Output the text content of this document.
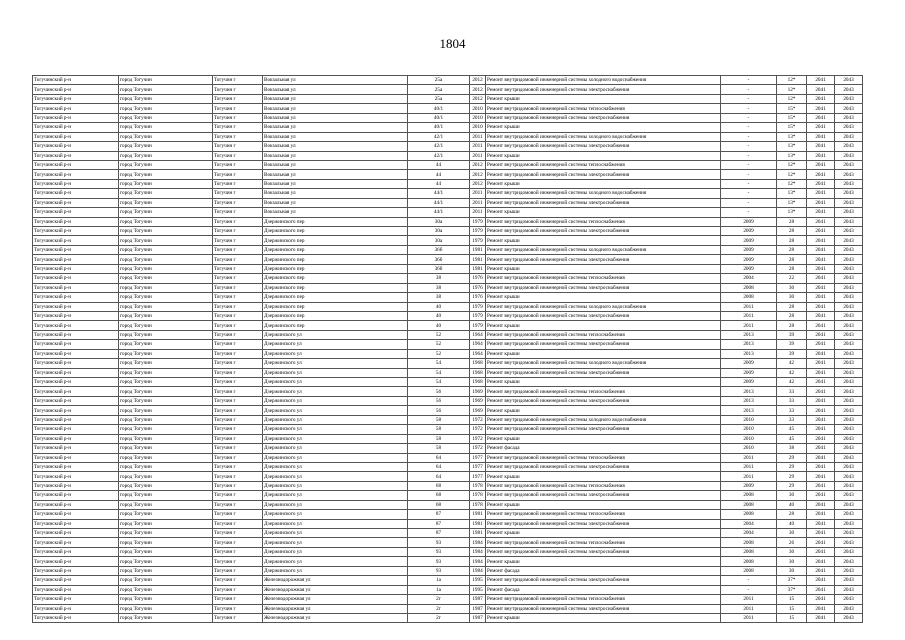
1804
Тогучинский р-н	город Тогучин	Тогучин г	Вокзальная ул	25а	2012	Ремонт внутридомовой инженерной системы холодного водоснабжения	-	12*	2041	2043
Тогучинский р-н	город Тогучин	Тогучин г	Вокзальная ул	25а	2012	Ремонт внутридомовой инженерной системы электроснабжения	-	12*	2041	2043
Тогучинский р-н	город Тогучин	Тогучин г	Вокзальная ул	25а	2012	Ремонт крыши	-	12*	2041	2043
Тогучинский р-н	город Тогучин	Тогучин г	Вокзальная ул	40/1	2010	Ремонт внутридомовой инженерной системы теплоснабжения	-	15*	2041	2043
Тогучинский р-н	город Тогучин	Тогучин г	Вокзальная ул	40/1	2010	Ремонт внутридомовой инженерной системы электроснабжения	-	15*	2041	2043
Тогучинский р-н	город Тогучин	Тогучин г	Вокзальная ул	40/1	2010	Ремонт крыши	-	15*	2041	2043
Тогучинский р-н	город Тогучин	Тогучин г	Вокзальная ул	42/1	2011	Ремонт внутридомовой инженерной системы холодного водоснабжения	-	13*	2041	2043
Тогучинский р-н	город Тогучин	Тогучин г	Вокзальная ул	42/1	2011	Ремонт внутридомовой инженерной системы электроснабжения	-	13*	2041	2043
Тогучинский р-н	город Тогучин	Тогучин г	Вокзальная ул	42/1	2011	Ремонт крыши	-	13*	2041	2043
Тогучинский р-н	город Тогучин	Тогучин г	Вокзальная ул	44	2012	Ремонт внутридомовой инженерной системы теплоснабжения	-	12*	2041	2043
Тогучинский р-н	город Тогучин	Тогучин г	Вокзальная ул	44	2012	Ремонт внутридомовой инженерной системы электроснабжения	-	12*	2041	2043
Тогучинский р-н	город Тогучин	Тогучин г	Вокзальная ул	44	2012	Ремонт крыши	-	12*	2041	2043
Тогучинский р-н	город Тогучин	Тогучин г	Вокзальная ул	44/1	2011	Ремонт внутридомовой инженерной системы холодного водоснабжения	-	13*	2041	2043
Тогучинский р-н	город Тогучин	Тогучин г	Вокзальная ул	44/1	2011	Ремонт внутридомовой инженерной системы электроснабжения	-	13*	2041	2043
Тогучинский р-н	город Тогучин	Тогучин г	Вокзальная ул	44/1	2011	Ремонт крыши	-	13*	2041	2043
Тогучинский р-н	город Тогучин	Тогучин г	Дзержинского пер	30а	1979	Ремонт внутридомовой инженерной системы теплоснабжения	2009	28	2041	2043
Тогучинский р-н	город Тогучин	Тогучин г	Дзержинского пер	30а	1979	Ремонт внутридомовой инженерной системы электроснабжения	2009	28	2041	2043
Тогучинский р-н	город Тогучин	Тогучин г	Дзержинского пер	30а	1979	Ремонт крыши	2009	28	2041	2043
Тогучинский р-н	город Тогучин	Тогучин г	Дзержинского пер	36б	1981	Ремонт внутридомовой инженерной системы холодного водоснабжения	2009	28	2041	2043
Тогучинский р-н	город Тогучин	Тогучин г	Дзержинского пер	36б	1981	Ремонт внутридомовой инженерной системы электроснабжения	2009	28	2041	2043
Тогучинский р-н	город Тогучин	Тогучин г	Дзержинского пер	36б	1981	Ремонт крыши	2009	28	2041	2043
Тогучинский р-н	город Тогучин	Тогучин г	Дзержинского пер	38	1976	Ремонт внутридомовой инженерной системы теплоснабжения	2004	22	2041	2043
Тогучинский р-н	город Тогучин	Тогучин г	Дзержинского пер	38	1976	Ремонт внутридомовой инженерной системы электроснабжения	2008	30	2041	2043
Тогучинский р-н	город Тогучин	Тогучин г	Дзержинского пер	38	1976	Ремонт крыши	2008	30	2041	2043
Тогучинский р-н	город Тогучин	Тогучин г	Дзержинского пер	40	1979	Ремонт внутридомовой инженерной системы холодного водоснабжения	2011	28	2041	2043
Тогучинский р-н	город Тогучин	Тогучин г	Дзержинского пер	40	1979	Ремонт внутридомовой инженерной системы электроснабжения	2011	28	2041	2043
Тогучинский р-н	город Тогучин	Тогучин г	Дзержинского пер	40	1979	Ремонт крыши	2011	28	2041	2043
Тогучинский р-н	город Тогучин	Тогучин г	Дзержинского ул	52	1964	Ремонт внутридомовой инженерной системы теплоснабжения	2013	39	2041	2043
Тогучинский р-н	город Тогучин	Тогучин г	Дзержинского ул	52	1964	Ремонт внутридомовой инженерной системы электроснабжения	2013	39	2041	2043
Тогучинский р-н	город Тогучин	Тогучин г	Дзержинского ул	52	1964	Ремонт крыши	2013	39	2041	2043
Тогучинский р-н	город Тогучин	Тогучин г	Дзержинского ул	54	1968	Ремонт внутридомовой инженерной системы холодного водоснабжения	2009	42	2041	2043
Тогучинский р-н	город Тогучин	Тогучин г	Дзержинского ул	54	1968	Ремонт внутридомовой инженерной системы электроснабжения	2009	42	2041	2043
Тогучинский р-н	город Тогучин	Тогучин г	Дзержинского ул	54	1968	Ремонт крыши	2009	42	2041	2043
Тогучинский р-н	город Тогучин	Тогучин г	Дзержинского ул	56	1969	Ремонт внутридомовой инженерной системы теплоснабжения	2013	33	2041	2043
Тогучинский р-н	город Тогучин	Тогучин г	Дзержинского ул	56	1969	Ремонт внутридомовой инженерной системы электроснабжения	2013	33	2041	2043
Тогучинский р-н	город Тогучин	Тогучин г	Дзержинского ул	56	1969	Ремонт крыши	2013	33	2041	2043
Тогучинский р-н	город Тогучин	Тогучин г	Дзержинского ул	58	1972	Ремонт внутридомовой инженерной системы холодного водоснабжения	2010	33	2041	2043
Тогучинский р-н	город Тогучин	Тогучин г	Дзержинского ул	58	1972	Ремонт внутридомовой инженерной системы электроснабжения	2010	45	2041	2043
Тогучинский р-н	город Тогучин	Тогучин г	Дзержинского ул	58	1972	Ремонт крыши	2010	45	2041	2043
Тогучинский р-н	город Тогучин	Тогучин г	Дзержинского ул	58	1972	Ремонт фасада	2010	38	2041	2043
Тогучинский р-н	город Тогучин	Тогучин г	Дзержинского ул	64	1977	Ремонт внутридомовой инженерной системы теплоснабжения	2011	29	2041	2043
Тогучинский р-н	город Тогучин	Тогучин г	Дзержинского ул	64	1977	Ремонт внутридомовой инженерной системы электроснабжения	2011	29	2041	2043
Тогучинский р-н	город Тогучин	Тогучин г	Дзержинского ул	64	1977	Ремонт крыши	2011	29	2041	2043
Тогучинский р-н	город Тогучин	Тогучин г	Дзержинского ул	68	1978	Ремонт внутридомовой инженерной системы теплоснабжения	2009	29	2041	2043
Тогучинский р-н	город Тогучин	Тогучин г	Дзержинского ул	68	1978	Ремонт внутридомовой инженерной системы электроснабжения	2008	30	2041	2043
Тогучинский р-н	город Тогучин	Тогучин г	Дзержинского ул	68	1978	Ремонт крыши	2008	40	2041	2043
Тогучинский р-н	город Тогучин	Тогучин г	Дзержинского ул	87	1981	Ремонт внутридомовой инженерной системы теплоснабжения	2008	28	2041	2043
Тогучинский р-н	город Тогучин	Тогучин г	Дзержинского ул	87	1981	Ремонт внутридомовой инженерной системы электроснабжения	2004	40	2041	2043
Тогучинский р-н	город Тогучин	Тогучин г	Дзержинского ул	87	1981	Ремонт крыши	2004	30	2041	2043
Тогучинский р-н	город Тогучин	Тогучин г	Дзержинского ул	93	1984	Ремонт внутридомовой инженерной системы теплоснабжения	2008	26	2041	2043
Тогучинский р-н	город Тогучин	Тогучин г	Дзержинского ул	93	1984	Ремонт внутридомовой инженерной системы электроснабжения	2008	30	2041	2043
Тогучинский р-н	город Тогучин	Тогучин г	Дзержинского ул	93	1984	Ремонт крыши	2008	30	2041	2043
Тогучинский р-н	город Тогучин	Тогучин г	Дзержинского ул	93	1984	Ремонт фасада	2008	30	2041	2043
Тогучинский р-н	город Тогучин	Тогучин г	Железнодорожная ул	1а	1995	Ремонт внутридомовой инженерной системы электроснабжения	-	37*	2041	2043
Тогучинский р-н	город Тогучин	Тогучин г	Железнодорожная ул	1а	1995	Ремонт фасада	-	37*	2041	2043
Тогучинский р-н	город Тогучин	Тогучин г	Железнодорожная ул	2г	1987	Ремонт внутридомовой инженерной системы теплоснабжения	2011	15	2041	2043
Тогучинский р-н	город Тогучин	Тогучин г	Железнодорожная ул	2г	1987	Ремонт внутридомовой инженерной системы электроснабжения	2011	15	2041	2043
Тогучинский р-н	город Тогучин	Тогучин г	Железнодорожная ул	2г	1987	Ремонт крыши	2011	15	2041	2043
